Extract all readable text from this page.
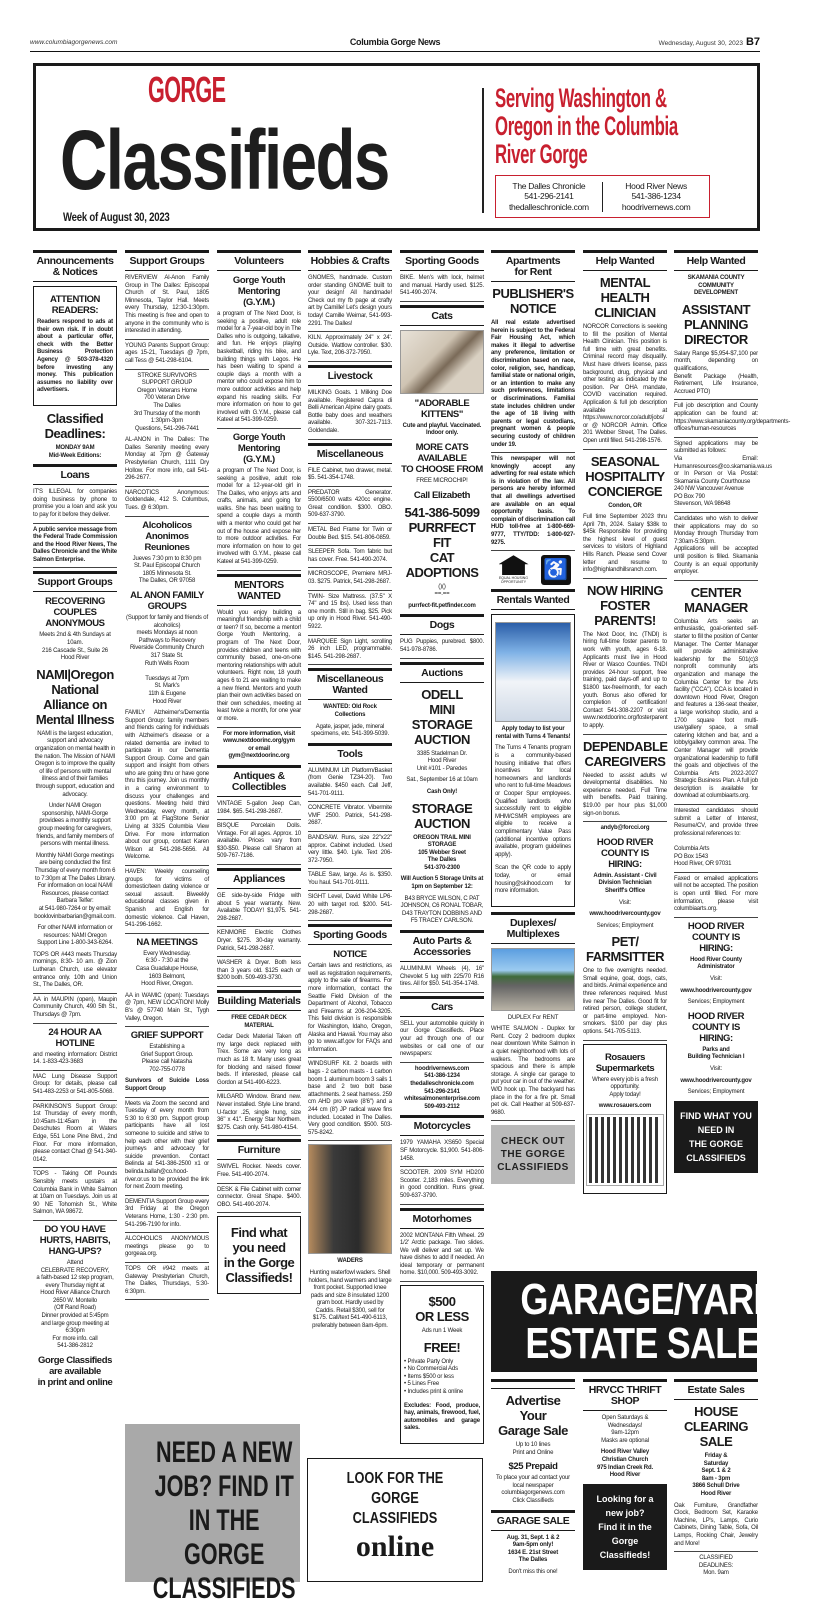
www.columbiagorgenews.com	Columbia Gorge News	Wednesday, August 30, 2023 B7
GORGE
Classifieds
Week of August 30, 2023
Serving Washington &
Oregon in the Columbia
River Gorge
The Dalles Chronicle
541-296-2141
thedalleschronicle.com
Hood River News
541-386-1234
hoodrivernews.com
Announcements
& Notices
ATTENTION
READERS:
Readers respond to ads at their own risk. If in doubt about a particular offer, check with the Better Business Protection Agency @ 503-378-4320 before investing any money. This publication assumes no liability over advertisers.
Classified
Deadlines:
MONDAY 9AM
Mid-Week Editions:
Loans
IT'S ILLEGAL for companies doing business by phone to promise you a loan and ask you to pay for it before they deliver.
A public service message from the Federal Trade Commission and the Hood River News, The Dalles Chronicle and the White Salmon Enterprise.
Support Groups
RECOVERING COUPLES
ANONYMOUS
Meets 2nd & 4th Sundays at 10am.
216 Cascade St., Suite 26
Hood River
NAMI|Oregon
National
Alliance on
Mental Illness
NAMI is the largest education, support and advocacy organization on mental health in the nation. The Mission of NAMI Oregon is to improve the quality of life of persons with mental illness and of their families through support, education and advocacy.
Under NAMI Oregon sponsorship, NAMI-Gorge providees a monthly support group meeting for caregivers, friends, and family members of persons with mental illness.
Monthly NAMI Gorge meetings are being conducted the first Thursday of every month from 6 to 7:30pm at The Dalles Library. For information on local NAMI Resources, please contact Barbara Telfer:
at 541-980-7264 or by email: booklovinbarbarian@gmail.com.
For other NAMI information or resources: NAMI Oregon Support Line 1-800-343-6264.
TOPS OR #443 meets Thursday mornings, 8:30- 10 am. @ Zion Lutheran Church, use elevator entrance only. 10th and Union St., The Dalles, OR.
AA in MAUPIN (open), Maupin Community Church, 490 5th St., Thursdays @ 7pm.
24 HOUR AA HOTLINE
and meeting information: District 14. 1-833-423-3683
MAC Lung Disease Support Group: for details, please call 541-483-2253 or 541-805-5068.
PARKINSON'S Support Group: 1st Thursday of every month, 10:45am-11:45am in the Deschutes Room at Waters Edge, 551 Lone Pine Blvd., 2nd Floor. For more information, please contact Chad @ 541-340-0142.
TOPS - Taking Off Pounds Sensibly meets upstairs at Columbia Bank in White Salmon at 10am on Tuesdays. Join us at 90 NE Tohomish St., White Salmon, WA 98672.
DO YOU HAVE
HURTS, HABITS,
HANG-UPS?
Attend
CELEBRATE RECOVERY,
a faith-based 12 step program, every Thursday night at
Hood River Alliance Church
2650 W. Montello
(Off Rand Road)
Dinner provided at 5:45pm
and large group meeting at 6:30pm
For more info. call
541-386-2812
Gorge Classifieds
are available
in print and online
Support Groups
RIVERVIEW Al-Anon Family Group in The Dalles: Episcopal Church of St. Paul, 1805 Minnesota, Taylor Hall. Meets every Thursday, 12:30-1:30pm. This meeting is free and open to anyone in the community who is interested in attending.
YOUNG Parents Support Group: ages 15-21, Tuesdays @ 7pm, call Tess @ 541-298-6104.
STROKE SURVIVORS
SUPPORT GROUP
Oregon Veterans Home
700 Veteran Drive
The Dalles
3rd Thursday of the month
1:30pm-3pm
Questions, 541-296-7441
AL-ANON in The Dalles: The Dalles Serenity meeting every Monday at 7pm @ Gateway Presbyterian Church, 1111 Dry Hollow. For more info, call 541-296-2677.
NARCOTICS Anonymous: Goldendale, 412 S. Columbus, Tues. @ 6:30pm.
Alcoholicos Anonimos
Reuniones
Jueves 7:30 pm to 8:30 pm
St. Paul Episcopal Church
1805 Minnesota St.
The Dalles, OR 97058
AL ANON FAMILY GROUPS
(Support for family and friends of alcoholics)
meets Mondays at noon
Pathways to Recovery
Riverside Community Church
317 State St.
Ruth Wells Room

Tuesdays at 7pm
St. Mark's
11th & Eugene
Hood River
FAMILY Alzheimer's/Dementia Support Group: family members and friends caring for individuals with Alzheimer's disease or a related dementia are invited to participate in our Dementia Support Group. Come and gain support and insight from others who are going thru or have gone thru this journey. Join us monthly in a caring environment to discuss your challenges and questions. Meeting held third Wednesday, every month, at 3:00 pm at FlagStone Senior Living at 3325 Columbia View Drive. For more information about our group, contact Karen Wilson at 541-298-5656. All Welcome.
HAVEN: Weekly counseling groups for victims of domestic/teen dating violence or sexual assault. Biweekly educational classes given in Spanish and English for domestic violence. Call Haven, 541-296-1662.
NA MEETINGS
Every Wednesday.
6:30 - 7:30 at the
Casa Guadalupe House,
1603 Belmont,
Hood River, Oregon.
AA in WAMIC (open): Tuesdays @ 7pm, NEW LOCATION! Molly B's @ 57740 Main St., Tygh Valley, Oregon.
GRIEF SUPPORT
Establishing a
Grief Support Group.
Please call Natasha
702-755-0778
Survivors of Suicide Loss Support Group
Meets via Zoom the second and Tuesday of every month from 5:30 to 6:30 pm. Support group participants have all lost someone to suicide and strive to help each other with their grief journeys and advocacy for suicide prevention. Contact Belinda at 541-386-2500 x1 or belinda.ballah@co.hood-river.or.us to be provided the link for next Zoom meeting.
DEMENTIA Support Group every 3rd Friday at the Oregon Veterans Home, 1:30 - 2:30 pm. 541-296-7190 for info.
ALCOHOLICS ANONYMOUS meetings please go to gorgeaa.org.
TOPS OR #942 meets at Gateway Presbyterian Church, The Dalles, Thursdays, 5:30-6:30pm.
Volunteers
Gorge Youth
Mentoring
(G.Y.M.)
a program of The Next Door, is seeking a positive, adult role model for a 7-year-old boy in The Dalles who is outgoing, talkative, and fun. He enjoys playing basketball, riding his bike, and building things with Legos. He has been waiting to spend a couple days a month with a mentor who could expose him to more outdoor activities and help expand his reading skills. For more information on how to get involved with G.Y.M., please call Kateel at 541-399-0259.
Gorge Youth
Mentoring
(G.Y.M.)
a program of The Next Door, is seeking a positive, adult role model for a 12-year-old girl in The Dalles, who enjoys arts and crafts, animals, and going for walks. She has been waiting to spend a couple days a month with a mentor who could get her out of the house and expose her to more outdoor activities. For more information on how to get involved with G.Y.M., please call Kateel at 541-399-0259.
MENTORS WANTED
Would you enjoy building a meaningful friendship with a child or teen? If so, become a mentor! Gorge Youth Mentoring, a program of The Next Door, provides children and teens with community based, one-on-one mentoring relationships with adult volunteers. Right now, 18 youth ages 6 to 21 are waiting to make a new friend. Mentors and youth plan their own activities based on their own schedules, meeting at least twice a month, for one year or more.
For more information, visit
www.nextdoorinc.org/gym
or email
gym@nextdoorinc.org
Antiques &
Collectibles
VINTAGE 5-gallon Jeep Can, 1984. $65. 541-298-2687.
BISQUE Porcelain Dolls. Vintage. For all ages. Approx. 10 available. Prices vary from $30-$50. Please call Sharon at 509-767-7186.
Appliances
GE side-by-side Fridge with about 5 year warranty. New. Available TODAY! $1,975. 541-298-2687.
KENMORE Electric Clothes Dryer. $275. 30-day warranty. Patrick, 541-298-2687.
WASHER & Dryer. Both less than 3 years old. $125 each or $200 both. 509-493-3730.
Building Materials
FREE CEDAR DECK MATERIAL
Cedar Deck Material Taken off my large deck replaced with Trex. Some are very long as much as 18 ft. Many uses great for blocking and raised flower beds. If interested, please call Gordon at 541-490-6223.
MILGARD Window. Brand new. Never installed. Style Line brand. U-factor .25, single hung, size 36" x 41". Energy Star Northern. $275. Cash only. 541-980-4154.
Furniture
SWIVEL Rocker. Needs cover. Free. 541-490-2074.
DESK & File Cabinet with corner connector. Great Shape. $400. OBO. 541-490-2074.
Find what
you need
in the Gorge
Classifieds!
Hobbies & Crafts
GNOMES, handmade. Custom order standing GNOME built to your design! All handmade! Check out my fb page at crafty art by Camille! Let's design yours today! Camille Weimar, 541-993-2291. The Dalles!
KILN. Approximately 24" x 24'. Outside. Wattlow controller. $30. Lyle. Text, 206-372-7950.
Livestock
MILKING Goats. 1 Milking Doe available. Registered Capra di Belli American Alpine dairy goats. Bottle baby does and weathers available. 307-321-7113. Goldendale.
Miscellaneous
FILE Cabinet, two drawer, metal. $5. 541-354-1748.
PREDATOR Generator. 5500/6500 watts 420cc engine. Great condition. $300. OBO. 509-637-3790.
METAL Bed Frame for Twin or Double Bed. $15. 541-806-0859.
SLEEPER Sofa. Torn fabric but has cover. Free. 541-490-2074.
MICROSCOPE, Premiere MRJ-03. $275. Patrick, 541-298-2687.
TWIN- Size Mattress. (37.5" X 74" and 15 lbs). Used less than one month. Still in bag. $25. Pick up only in Hood River. 541-490-5922.
MARQUEE Sign Light, scrolling 26 inch LED, programmable. $145. 541-298-2687.
Miscellaneous
Wanted
WANTED: Old Rock
Collections
Agate, jasper, jade, mineral specimens, etc. 541-399-5039.
Tools
ALUMINUM Lift Platform/Basket (from Genie TZ34-20). Two available. $450 each. Call Jeff, 541-701-9111.
CONCRETE Vibrator. Vibermite VMF 2500. Patrick, 541-298-2687.
BANDSAW. Runs, size 22"x22" approx. Cabinet included. Used very little. $40. Lyle. Text 206-372-7950.
TABLE Saw, large. As is. $350. You haul. 541-701-9111.
SIGHT Level, David White LP6-20 with target rod. $200. 541-298-2687.
Sporting Goods
NOTICE
Certain laws and restrictions, as well as registration requirements, apply to the sale of firearms. For more information, contact the Seattle Field Division of the Department of Alcohol, Tobacco and Firearms at 206-204-3205. This field division is responsible for Washington, Idaho, Oregon, Alaska and Hawaii. You may also go to www.atf.gov for FAQs and information.
WINDSURF Kit. 2 boards with bags - 2 carbon masts - 1 carbon boom 1 aluminum boom 3 sails 1 base and 2 two bolt base attachments. 2 seat harness. 259 cm AHD pro wave (8'6") and a 244 cm (8') JP radical wave fins included. Located in The Dalles. Very good condition. $500. 503-575-8242.
WADERS
Hunting waterfowl waders. Shell holders, hand warmers and large front pocket. Supported knee pads and size 8 insulated 1200 gram boot. Hardly used by Caddis. Retail $300, sell for $175. Call/text 541-490-6113, preferably between 8am-6pm.
Sporting Goods
BIKE. Men's with lock, helmet and manual. Hardly used. $125. 541-490-2074.
Cats
"ADORABLE
KITTENS"
Cute and playful. Vaccinated. Indoor only.
MORE CATS
AVAILABLE
TO CHOOSE FROM
FREE MICROCHIP!
Call Elizabeth
541-386-5099
PURRFECT FIT
CAT
ADOPTIONS
()()
==.==
purrfect-fit.petfinder.com
Dogs
PUG Puppies, purebred. $800. 541-978-8786.
Auctions
ODELL
MINI STORAGE
AUCTION
3385 Stadelman Dr.
Hood River
Unit #101 - Paredes
Sat., September 16 at 10am
Cash Only!
STORAGE
AUCTION
OREGON TRAIL MINI STORAGE
105 Webber Sreet
The Dalles
541-370-2300
Will Auction 5 Storage Units at 1pm on September 12:
B43 BRYCE WILSON, C PAT JOHNSON, C6 RONAL TOBAR, D43 TRAYTON DOBBINS AND F5 TRACEY CARLSON.
Auto Parts &
Accessories
ALUMINUM Wheels (4), 16" Chevolet 5 lug with 225/70 R16 tires. All for $50. 541-354-1748.
Cars
SELL your automobile quickly in our Gorge Classifieds. Place your ad through one of our websites or call one of our newspapers:
hoodrivernews.com
541-386-1234
thedalleschronicle.com
541-296-2141
whitesalmonenterprise.com
509-493-2112
Motorcycles
1979 YAMAHA XS650 Special SF Motorcycle. $1,900. 541-806-1458.
SCOOTER. 2009 SYM HD200 Scooter. 2,183 miles. Everything in good condition. Runs great. 509-637-3790.
Motorhomes
2002 MONTANA Fifth Wheel. 29 1/2' Arctic package. Two slides. We will deliver and set up. We have dishes to add if needed. An ideal temporary or permanent home. $10,000. 509-493-3092.
$500
OR LESS
Ads run 1 Week
FREE!
• Private Party Only
• No Commercial Ads
• Items $500 or less
• 5 Lines Free
• Includes print & online
Excludes: Food, produce, hay, animals, firewood, fuel, automobiles and garage sales.
Apartments
for Rent
PUBLISHER'S
NOTICE
All real estate advertised herein is subject to the Federal Fair Housing Act, which makes it illegal to advertise any preference, limitation or discrimination based on race, color, religion, sec, handicap, familial state or national origin, or an intention to make any such preferences, limitations or discriminations. Familial state includes children under the age of 18 living with parents or legal custodians, pregnant women & people securing custody of children under 19.
This newspaper will not knowingly accept any adverting for real estate which is in violation of the law. All persons are hereby informed that all dwellings advertised are available on an equal opportunity basis. To complain of discrimination call HUD toll-free at 1-800-669-9777, TTY/TDD: 1-800-927-9275.
EQUAL HOUSING
OPPORTUNITY
♿
Rentals Wanted
Apply today to list your rental with Turns 4 Tenants!
The Turns 4 Tenants program is a community-based housing initiative that offers incentives for local homeowners and landlords who rent to full-time Meadows or Cooper Spur employees. Qualified landlords who successfully rent to eligible MHM/CSMR employees are eligible to receive a complimentary Value Pass (additional incentive options available, program guidelines apply).
Scan the QR code to apply today, or email housing@skihood.com for more information.
Duplexes/
Multiplexes
DUPLEX For RENT
WHITE SALMON - Duplex for Rent. Cozy 2 bedroom duplex near downtown White Salmon in a quiet neighborhood with lots of walkers. The bedrooms are spacious and there is ample storage. A single car garage to put your car in out of the weather. W/D hook up. The backyard has place in the for a fire pit. Small pet ok. Call Heather at 509-637-9680.
CHECK OUT
THE GORGE
CLASSIFIEDS
Help Wanted
MENTAL
HEALTH
CLINICIAN
NORCOR Corrections is seeking to fill the position of Mental Health Clinician. This position is full time with great benefits. Criminal record may disqualify. Must have drivers license, pass background, drug, physical and other testing as indicated by the position. Per OHA mandate, COVID vaccination required. Application & full job description available at https://www.norcor.co/adult/jobs/ or @ NORCOR Admin. Office 201 Webber Street, The Dalles. Open until filled. 541-298-1576.
SEASONAL
HOSPITALITY
CONCIERGE
Condon, OR
Full time September 2023 thru April 7th, 2024. Salary $38k to $45k Responsible for providing the highest level of guest services to visitors of Highland Hills Ranch. Please send Cover letter and resume to info@highlandhillsranch.com.
NOW HIRING
FOSTER
PARENTS!
The Next Door, Inc. (TNDI) is hiring full-time foster parents to work with youth, ages 6-18. Applicants must live in Hood River or Wasco Counties. TNDI provides 24-hour support, free training, paid days-off and up to $1800 tax-free/month, for each youth. Bonus also offered for completion of certification! Contact 541-308-2207 or visit www.nextdoorinc.org/fosterparent to apply.
DEPENDABLE
CAREGIVERS
Needed to assist adults w/ developmental disabilities. No experience needed. Full Time with benefits. Paid training. $19.00 per hour plus $1,000 sign-on bonus.
andyb@forcci.org
HOOD RIVER COUNTY IS
HIRING:
Admin. Assistant - Civil Division Technician
Sheriff's Office
Visit:
www.hoodrivercounty.gov
Services; Employment
PET/
FARMSITTER
One to five overnights needed. Small equine, goat, dogs, cats, and birds. Animal experience and three references required. Must live near The Dalles. Good fit for retired person, college student, or part-time employed. Non-smokers. $100 per day plus options. 541-705-5113.
Rosauers
Supermarkets
Where every job is a fresh opportunity.
Apply today!
www.rosauers.com
Help Wanted
SKAMANIA COUNTY
COMMUNITY
DEVELOPMENT
ASSISTANT
PLANNING
DIRECTOR
Salary Range $5,954-$7,100 per month, depending on qualifications,
Benefit Package (Health, Retirement, Life Insurance, Accrued PTO)
Full job description and County application can be found at: https://www.skamaniacounty.org/departments-offices/human-resources
Signed applications may be submitted as follows:
Via Email: Humanresources@co.skamania.wa.us
or In Person or Via Postal: Skamania County Courthouse
240 NW Vancouver Avenue
PO Box 790
Stevenson, WA 98648
Candidates who wish to deliver their applications may do so Monday through Thursday from 7:30am-5:30pm.
Applications will be accepted until position is filled. Skamania County is an equal opportunity employer.
CENTER
MANAGER
Columbia Arts seeks an enthusiastic, goal-oriented self-starter to fill the position of Center Manager. The Center Manager will provide administrative leadership for the 501(c)3 nonprofit community arts organization and manage the Columbia Center for the Arts facility ("CCA"). CCA is located in downtown Hood River, Oregon and features a 136-seat theater, a large workshop studio, and a 1700 square foot multi-use/gallery space, a small catering kitchen and bar, and a lobby/gallery common area. The Center Manager will provide organizational leadership to fulfill the goals and objectives of the Columbia Arts 2022-2027 Strategic Business Plan. A full job description is available for download at columbiaarts.org.
Interested candidates should submit a Letter of Interest, Resume/CV, and provide three professional references to:

Columbia Arts
PO Box 1543
Hood River, OR 97031
Faxed or emailed applications will not be accepted. The position is open until filled. For more information, please visit columbiaarts.org.
HOOD RIVER COUNTY IS
HIRING:
Hood River County
Administrator
Visit:
www.hoodrivercounty.gov
Services; Employment
HOOD RIVER COUNTY IS
HIRING:
Parks and
Building Technician I
Visit:
www.hoodrivercounty.gov
Services; Employment
FIND WHAT YOU NEED IN
THE GORGE CLASSIFIEDS
Advertise
Your
Garage Sale
Up to 10 lines
Print and Online
$25 Prepaid
To place your ad contact your local newspaper columbiagorgenews.com
Click Classifieds
GARAGE SALE
Aug. 31, Sept. 1 & 2
9am-5pm only!
1634 E. 21st Street
The Dalles
Don't miss this one!
HRVCC THRIFT SHOP
Open Saturdays &
Wednesdays!
9am-12pm
Masks are optional
Hood River Valley
Christian Church
975 Indian Creek Rd.
Hood River
Looking for a
new job?
Find it in the
Gorge
Classifieds!
Estate Sales
HOUSE
CLEARING
SALE
Friday &
Saturday
Sept. 1 & 2
8am - 3pm
3866 Schull Drive
Hood River
Oak Furniture, Grandfather Clock, Bedroom Set, Karaoke Machine, LP's, Lamps, Curio Cabinets, Dining Table, Sofa, Oil Lamps, Rocking Chair, Jewelry and More!
CLASSIFIED
DEADLINES:
Mon. 9am
GARAGE/YARD/
ESTATE SALES
NEED A NEW
JOB? FIND IT
IN THE GORGE
CLASSIFIEDS
LOOK FOR THE
GORGE
CLASSIFIEDS
online
